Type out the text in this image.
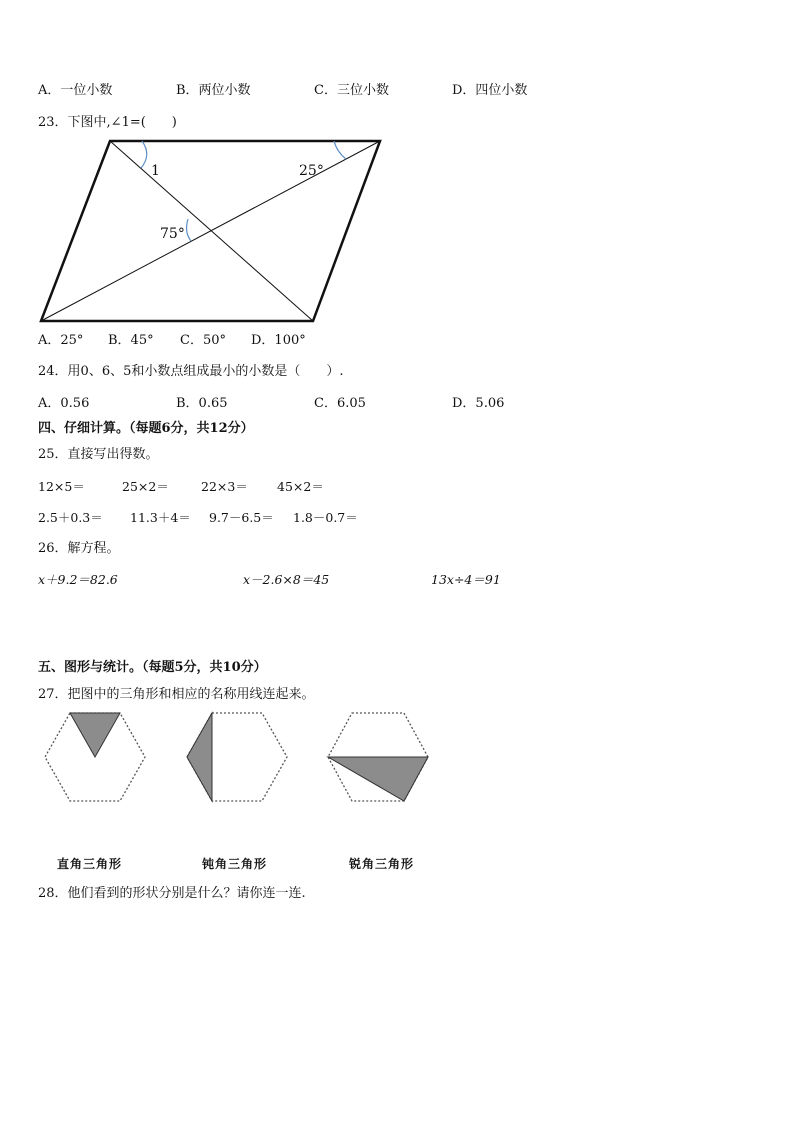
A．一位小数	B．两位小数	C．三位小数	D．四位小数
23．下图中,∠1=(　　)
1	25°
75°
A．25° B．45° C．50° D．100°
24．用0、6、5和小数点组成最小的小数是（　　）.
A．0.56	B．0.65	C．6.05	D．5.06
四、仔细计算。（每题6分，共12分）
25．直接写出得数。
12×5＝	25×2＝	22×3＝ 45×2＝
2.5＋0.3＝ 11.3＋4＝ 9.7－6.5＝ 1.8－0.7＝
26．解方程。
x＋9.2＝82.6	x－2.6×8＝45	13x÷4＝91
五、图形与统计。（每题5分，共10分）
27．把图中的三角形和相应的名称用线连起来。
直角三角形	钝角三角形	锐角三角形
28．他们看到的形状分别是什么？请你连一连.
